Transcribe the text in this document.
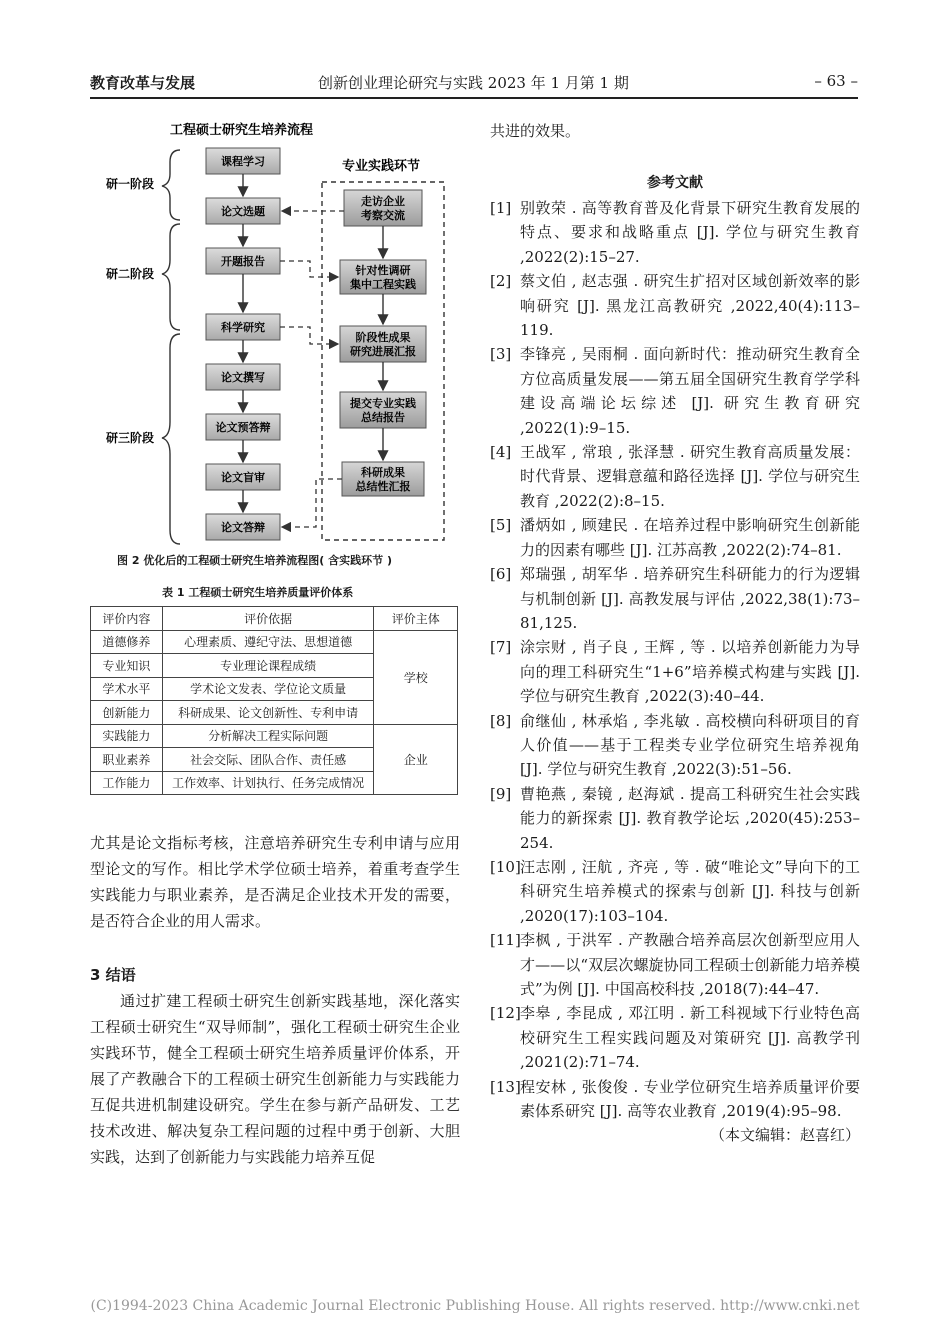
教育改革与发展	创新创业理论研究与实践 2023 年 1 月第 1 期	– 63 –
工程硕士研究生培养流程
专业实践环节
研一阶段
研二阶段
研三阶段
课程学习
论文选题
开题报告
科学研究
论文撰写
论文预答辩
论文盲审
论文答辩
走访企业
考察交流
针对性调研
集中工程实践
阶段性成果
研究进展汇报
提交专业实践
总结报告
科研成果
总结性汇报
图 2 优化后的工程硕士研究生培养流程图( 含实践环节 )
表 1 工程硕士研究生培养质量评价体系
评价内容	评价依据	评价主体
道德修养	心理素质、遵纪守法、思想道德	学校
专业知识	专业理论课程成绩	
学术水平	学术论文发表、学位论文质量	
创新能力	科研成果、论文创新性、专利申请	
实践能力	分析解决工程实际问题	企业
职业素养	社会交际、团队合作、责任感	
工作能力	工作效率、计划执行、任务完成情况	

尤其是论文指标考核，注意培养研究生专利申请与应用型论文的写作。相比学术学位硕士培养，着重考查学生实践能力与职业素养，是否满足企业技术开发的需要，是否符合企业的用人需求。

3 结语

通过扩建工程硕士研究生创新实践基地，深化落实工程硕士研究生“双导师制”，强化工程硕士研究生企业实践环节，健全工程硕士研究生培养质量评价体系，开展了产教融合下的工程硕士研究生创新能力与实践能力互促共进机制建设研究。学生在参与新产品研发、工艺技术改进、解决复杂工程问题的过程中勇于创新、大胆实践，达到了创新能力与实践能力培养互促

共进的效果。

参考文献
[1] 别敦荣 . 高等教育普及化背景下研究生教育发展的特点、要求和战略重点 [J]. 学位与研究生教育 ,2022(2):15–27.
[2] 蔡文伯 , 赵志强 . 研究生扩招对区域创新效率的影响研究 [J]. 黑龙江高教研究 ,2022,40(4):113–119.
[3] 李锋亮 , 吴雨桐 . 面向新时代：推动研究生教育全方位高质量发展——第五届全国研究生教育学学科建设高端论坛综述 [J]. 研究生教育研究 ,2022(1):9–15.
[4] 王战军 , 常琅 , 张泽慧 . 研究生教育高质量发展：时代背景、逻辑意蕴和路径选择 [J]. 学位与研究生教育 ,2022(2):8–15.
[5] 潘炳如 , 顾建民 . 在培养过程中影响研究生创新能力的因素有哪些 [J]. 江苏高教 ,2022(2):74–81.
[6] 郑瑞强 , 胡军华 . 培养研究生科研能力的行为逻辑与机制创新 [J]. 高教发展与评估 ,2022,38(1):73–81,125.
[7] 涂宗财 , 肖子良 , 王辉 , 等 . 以培养创新能力为导向的理工科研究生“1+6”培养模式构建与实践 [J]. 学位与研究生教育 ,2022(3):40–44.
[8] 俞继仙 , 林承焰 , 李兆敏 . 高校横向科研项目的育人价值——基于工程类专业学位研究生培养视角 [J]. 学位与研究生教育 ,2022(3):51–56.
[9] 曹艳燕 , 秦镜 , 赵海斌 . 提高工科研究生社会实践能力的新探索 [J]. 教育教学论坛 ,2020(45):253–254.
[10] 汪志刚 , 汪航 , 齐亮 , 等 . 破“唯论文”导向下的工科研究生培养模式的探索与创新 [J]. 科技与创新 ,2020(17):103–104.
[11] 李枫 , 于洪军 . 产教融合培养高层次创新型应用人才——以“双层次螺旋协同工程硕士创新能力培养模式”为例 [J]. 中国高校科技 ,2018(7):44–47.
[12] 李皋 , 李昆成 , 邓江明 . 新工科视域下行业特色高校研究生工程实践问题及对策研究 [J]. 高教学刊 ,2021(2):71–74.
[13] 程安林 , 张俊俊 . 专业学位研究生培养质量评价要素体系研究 [J]. 高等农业教育 ,2019(4):95–98.
（本文编辑：赵喜红）
(C)1994-2023 China Academic Journal Electronic Publishing House. All rights reserved. http://www.cnki.net
